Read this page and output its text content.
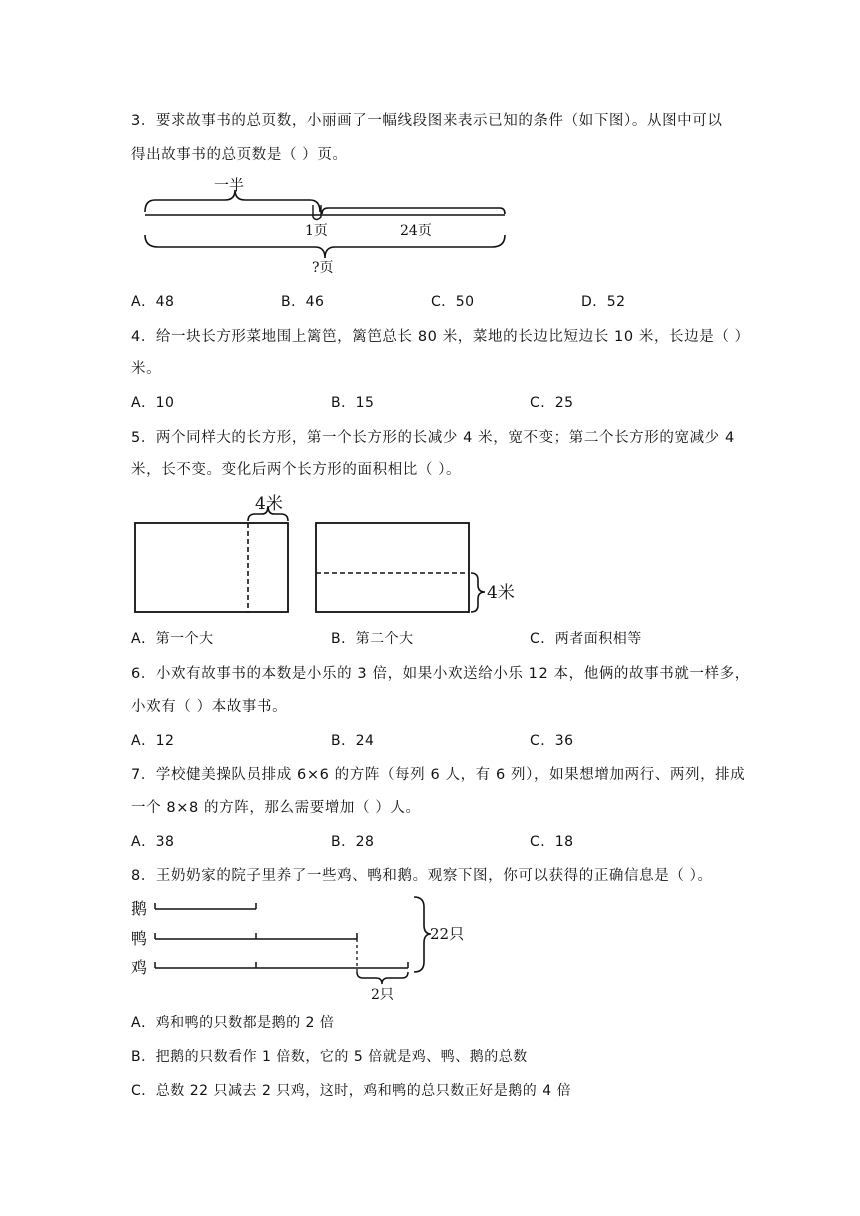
3．要求故事书的总页数，小丽画了一幅线段图来表示已知的条件（如下图）。从图中可以
得出故事书的总页数是（ ）页。
一半
1页	24页
?页
A．48	B．46	C．50	D．52
4．给一块长方形菜地围上篱笆，篱笆总长 80 米，菜地的长边比短边长 10 米，长边是（ ）
米。
A．10	B．15	C．25
5．两个同样大的长方形，第一个长方形的长减少 4 米，宽不变；第二个长方形的宽减少 4
米，长不变。变化后两个长方形的面积相比（ ）。
4米
4米
A．第一个大	B．第二个大	C．两者面积相等
6．小欢有故事书的本数是小乐的 3 倍，如果小欢送给小乐 12 本，他俩的故事书就一样多，
小欢有（ ）本故事书。
A．12	B．24	C．36
7．学校健美操队员排成 6×6 的方阵（每列 6 人，有 6 列），如果想增加两行、两列，排成
一个 8×8 的方阵，那么需要增加（ ）人。
A．38	B．28	C．18
8．王奶奶家的院子里养了一些鸡、鸭和鹅。观察下图，你可以获得的正确信息是（ ）。
鹅
鸭
鸡
2只
22只
A．鸡和鸭的只数都是鹅的 2 倍
B．把鹅的只数看作 1 倍数，它的 5 倍就是鸡、鸭、鹅的总数
C．总数 22 只减去 2 只鸡，这时，鸡和鸭的总只数正好是鹅的 4 倍
